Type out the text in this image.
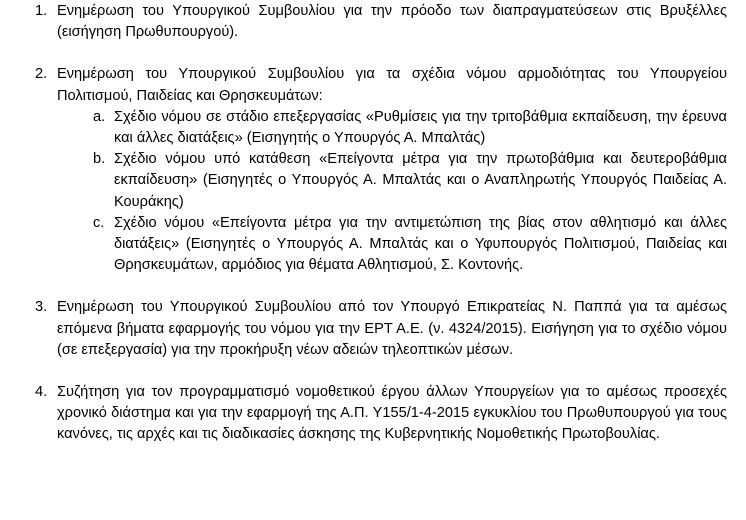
1. Ενημέρωση του Υπουργικού Συμβουλίου για την πρόοδο των διαπραγματεύσεων στις Βρυξέλλες (εισήγηση Πρωθυπουργού).

2. Ενημέρωση του Υπουργικού Συμβουλίου για τα σχέδια νόμου αρμοδιότητας του Υπουργείου Πολιτισμού, Παιδείας και Θρησκευμάτων:

a. Σχέδιο νόμου σε στάδιο επεξεργασίας «Ρυθμίσεις για την τριτοβάθμια εκπαίδευση, την έρευνα και άλλες διατάξεις» (Εισηγητής ο Υπουργός Α. Μπαλτάς)

b. Σχέδιο νόμου υπό κατάθεση «Επείγοντα μέτρα για την πρωτοβάθμια και δευτεροβάθμια εκπαίδευση» (Εισηγητές ο Υπουργός Α. Μπαλτάς και ο Αναπληρωτής Υπουργός Παιδείας Α. Κουράκης)

c. Σχέδιο νόμου «Επείγοντα μέτρα για την αντιμετώπιση της βίας στον αθλητισμό και άλλες διατάξεις» (Εισηγητές ο Υπουργός Α. Μπαλτάς και ο Υφυπουργός Πολιτισμού, Παιδείας και Θρησκευμάτων, αρμόδιος για θέματα Αθλητισμού, Σ. Κοντονής.

3. Ενημέρωση του Υπουργικού Συμβουλίου από τον Υπουργό Επικρατείας Ν. Παππά για τα αμέσως επόμενα βήματα εφαρμογής του νόμου για την ΕΡΤ Α.Ε. (ν. 4324/2015). Εισήγηση για το σχέδιο νόμου (σε επεξεργασία) για την προκήρυξη νέων αδειών τηλεοπτικών μέσων.

4. Συζήτηση για τον προγραμματισμό νομοθετικού έργου άλλων Υπουργείων για το αμέσως προσεχές χρονικό διάστημα και για την εφαρμογή της Α.Π. Υ155/1-4-2015 εγκυκλίου του Πρωθυπουργού για τους κανόνες, τις αρχές και τις διαδικασίες άσκησης της Κυβερνητικής Νομοθετικής Πρωτοβουλίας.
